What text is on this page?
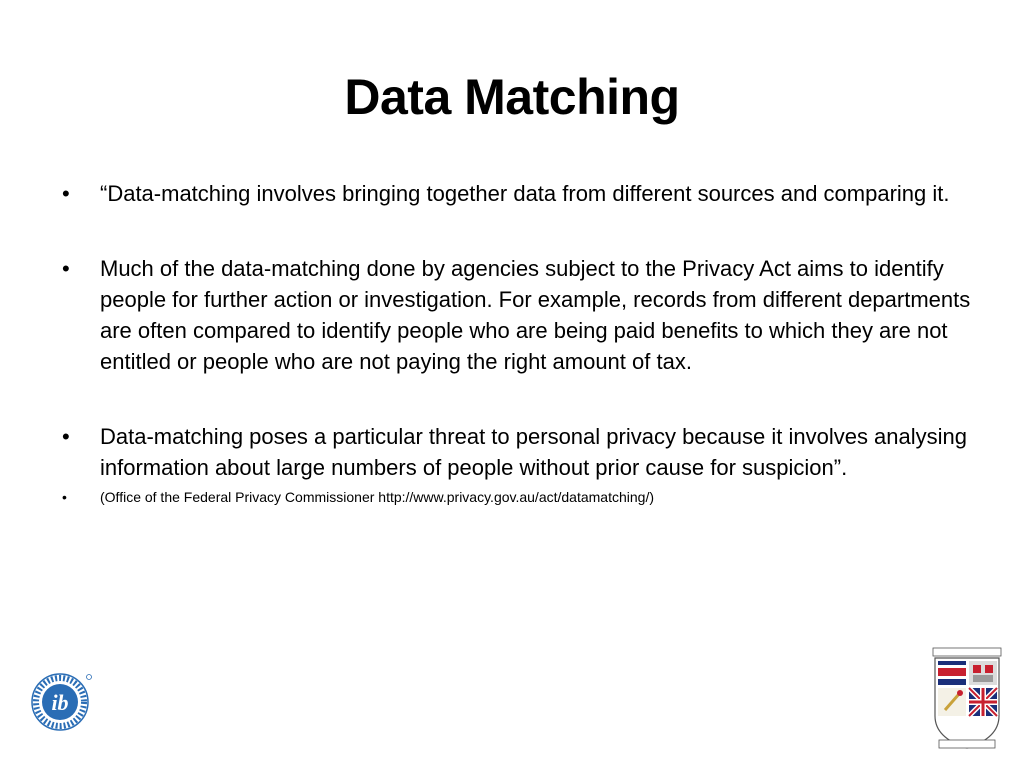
Data Matching
• “Data-matching involves bringing together data from different sources and comparing it.
• Much of the data-matching done by agencies subject to the Privacy Act aims to identify people for further action or investigation. For example, records from different departments are often compared to identify people who are being paid benefits to which they are not entitled or people who are not paying the right amount of tax.
• Data-matching poses a particular threat to personal privacy because it involves analysing information about large numbers of people without prior cause for suspicion”.
• (Office of the Federal Privacy Commissioner http://www.privacy.gov.au/act/datamatching/)
ib
